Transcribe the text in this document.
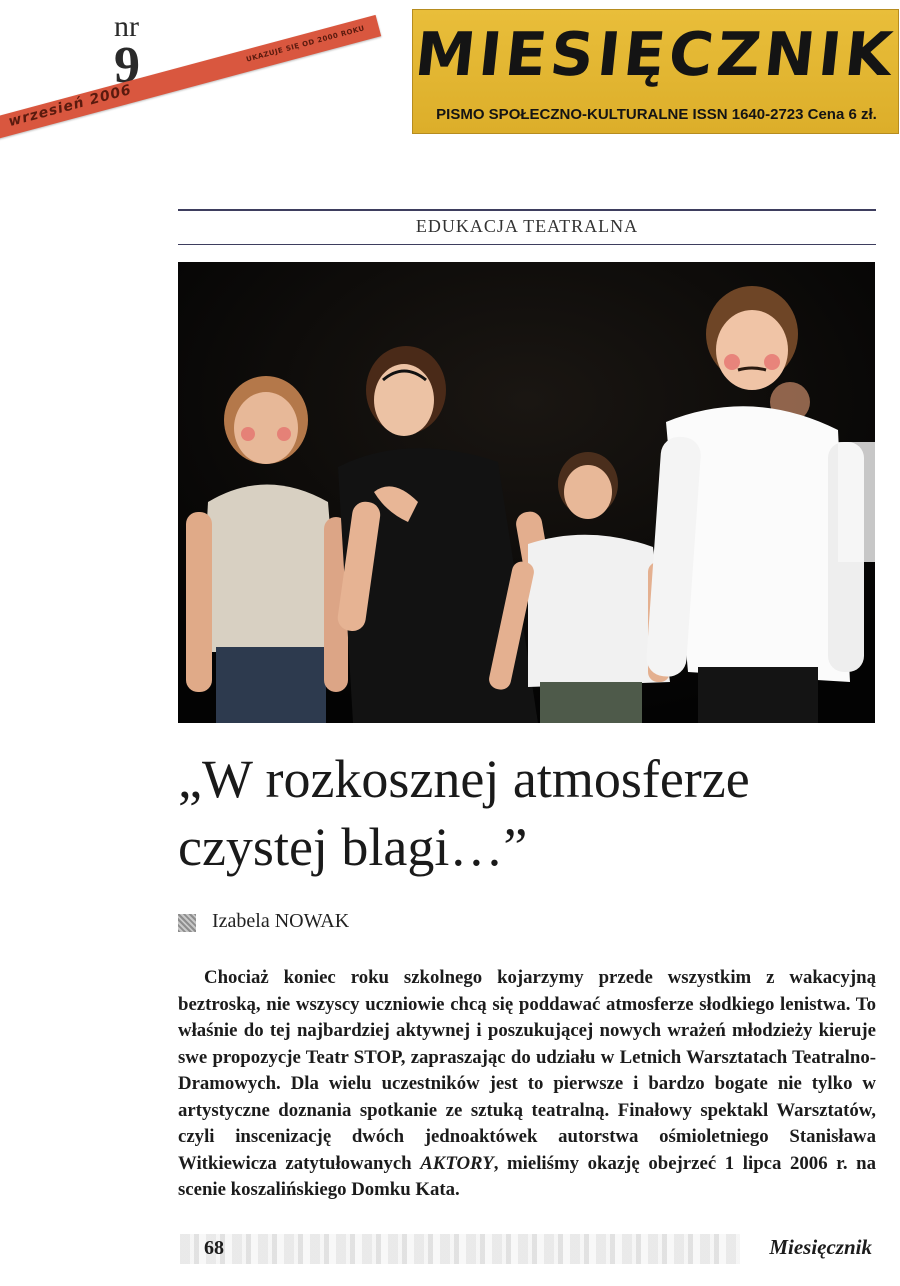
nr
9
wrzesień 2006
UKAZUJE SIĘ OD 2000 ROKU MIESIĘCZNIK
PISMO SPOŁECZNO-KULTURALNE ISSN 1640-2723 Cena 6 zł.
EDUKACJA TEATRALNA
„W rozkosznej atmosferze
czystej blagi…”
Izabela NOWAK
Chociaż koniec roku szkolnego kojarzymy przede wszystkim z wakacyjną beztroską, nie wszyscy uczniowie chcą się poddawać atmosferze słodkiego lenistwa. To właśnie do tej najbardziej aktywnej i poszukującej nowych wrażeń młodzieży kieruje swe propozycje Teatr STOP, zapraszając do udziału w Letnich Warsztatach Teatralno-Dramowych. Dla wielu uczestników jest to pierwsze i bardzo bogate nie tylko w artystyczne doznania spotkanie ze sztuką teatralną. Finałowy spektakl Warsztatów, czyli inscenizację dwóch jednoaktówek autorstwa ośmioletniego Stanisława Witkiewicza zatytułowanych AKTORY, mieliśmy okazję obejrzeć 1 lipca 2006 r. na scenie koszalińskiego Domku Kata.
68	Miesięcznik
